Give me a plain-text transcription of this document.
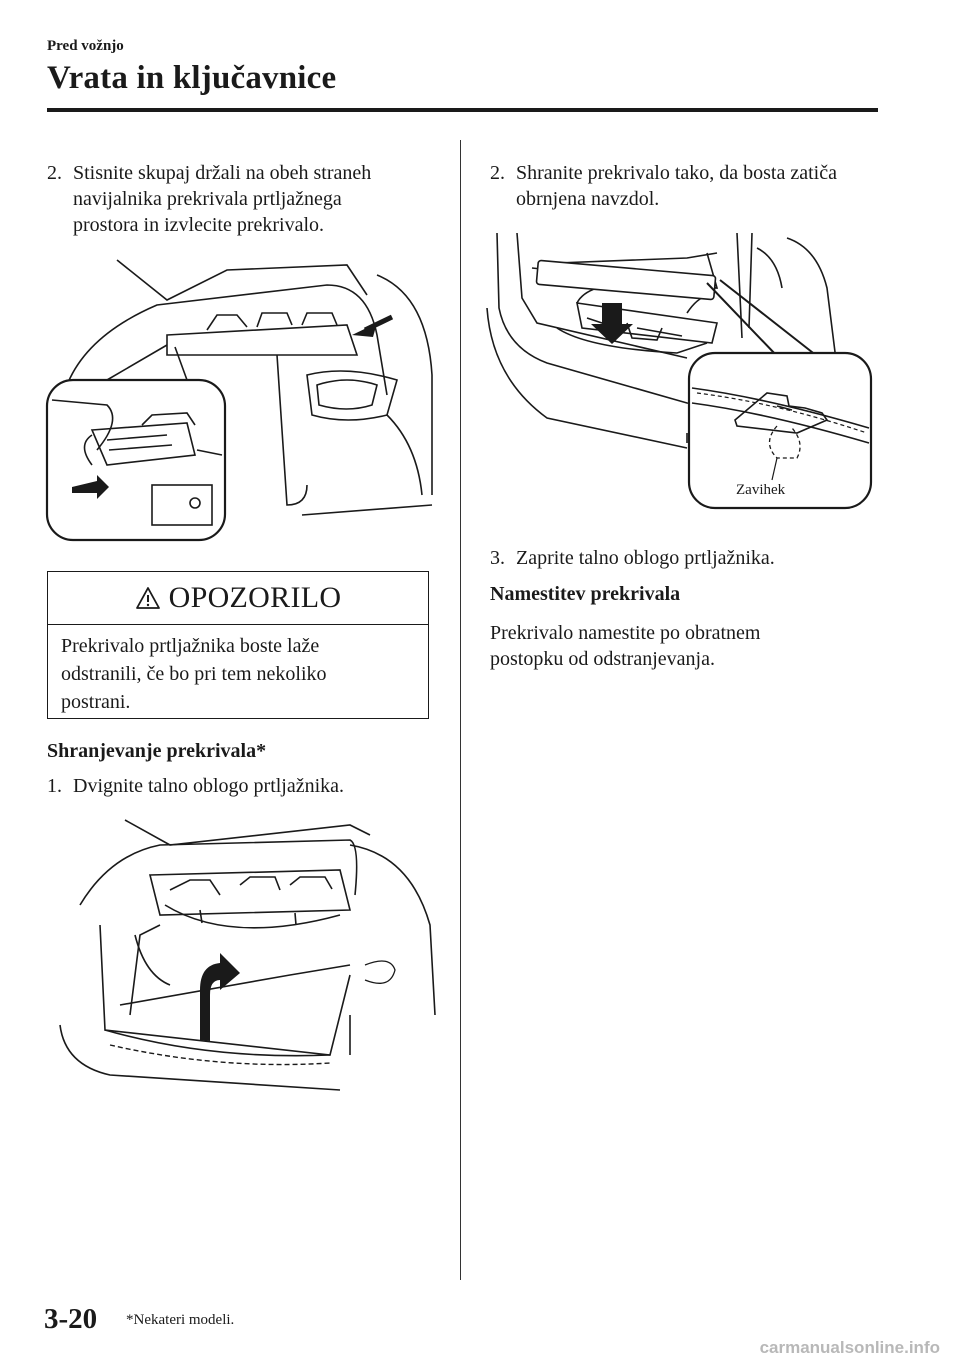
Pred vožnjo
Vrata in ključavnice
2. Stisnite skupaj držali na obeh straneh
navijalnika prekrivala prtljažnega
prostora in izvlecite prekrivalo.
OPOZORILO
Prekrivalo prtljažnika boste laže
odstranili, če bo pri tem nekoliko
postrani.
Shranjevanje prekrivala*
1. Dvignite talno oblogo prtljažnika.
2. Shranite prekrivalo tako, da bosta zatiča
obrnjena navzdol.
Zavihek
3. Zaprite talno oblogo prtljažnika.
Namestitev prekrivala
Prekrivalo namestite po obratnem
postopku od odstranjevanja.
3-20 *Nekateri modeli.
carmanualsonline.info
